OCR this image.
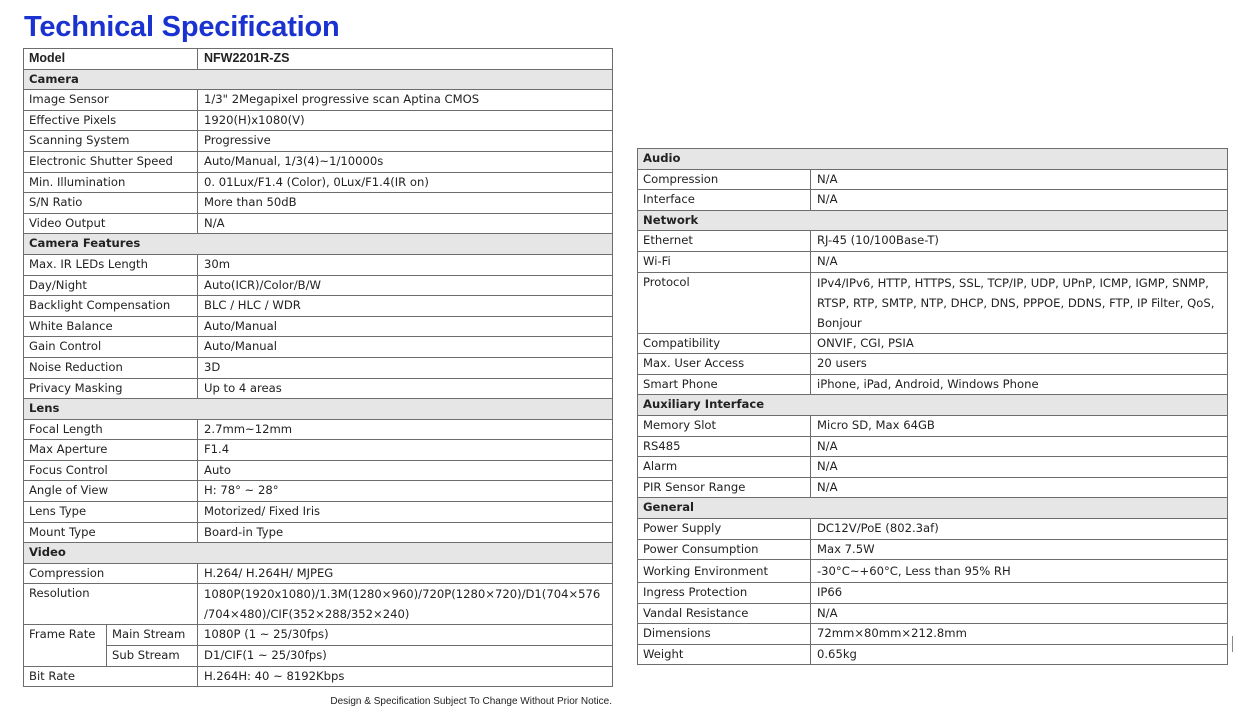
Technical Specification
Model		NFW2201R-ZS
Camera		
Image Sensor		1/3" 2Megapixel progressive scan Aptina CMOS
Effective Pixels		1920(H)x1080(V)
Scanning System		Progressive
Electronic Shutter Speed		Auto/Manual, 1/3(4)~1/10000s
Min. Illumination		0. 01Lux/F1.4 (Color), 0Lux/F1.4(IR on)
S/N Ratio		More than 50dB
Video Output		N/A
Camera Features		
Max. IR LEDs Length		30m
Day/Night		Auto(ICR)/Color/B/W
Backlight Compensation		BLC / HLC / WDR
White Balance		Auto/Manual
Gain Control		Auto/Manual
Noise Reduction		3D
Privacy Masking		Up to 4 areas
Lens		
Focal Length		2.7mm~12mm
Max Aperture		F1.4
Focus Control		Auto
Angle of View		H: 78° ~ 28°
Lens Type		Motorized/ Fixed Iris
Mount Type		Board-in Type
Video		
Compression		H.264/ H.264H/ MJPEG
Resolution		1080P(1920x1080)/1.3M(1280×960)/720P(1280×720)/D1(704×576
/704×480)/CIF(352×288/352×240)

Frame Rate	Main Stream	1080P (1 ~ 25/30fps)
	Sub Stream	D1/CIF(1 ~ 25/30fps)
Bit Rate		H.264H: 40 ~ 8192Kbps
Design & Specification Subject To Change Without Prior Notice.
Audio	
Compression	N/A
Interface	N/A
Network	
Ethernet	RJ-45 (10/100Base-T)
Wi-Fi	N/A
Protocol	IPv4/IPv6, HTTP, HTTPS, SSL, TCP/IP, UDP, UPnP, ICMP, IGMP, SNMP,
RTSP, RTP, SMTP, NTP, DHCP, DNS, PPPOE, DDNS, FTP, IP Filter, QoS,
Bonjour

Compatibility	ONVIF, CGI, PSIA
Max. User Access	20 users
Smart Phone	iPhone, iPad, Android, Windows Phone
Auxiliary Interface	
Memory Slot	Micro SD, Max 64GB
RS485	N/A
Alarm	N/A
PIR Sensor Range	N/A
General	
Power Supply	DC12V/PoE (802.3af)
Power Consumption	Max 7.5W
Working Environment	-30°C~+60°C, Less than 95% RH
Ingress Protection	IP66
Vandal Resistance	N/A
Dimensions	72mm×80mm×212.8mm
Weight	0.65kg
